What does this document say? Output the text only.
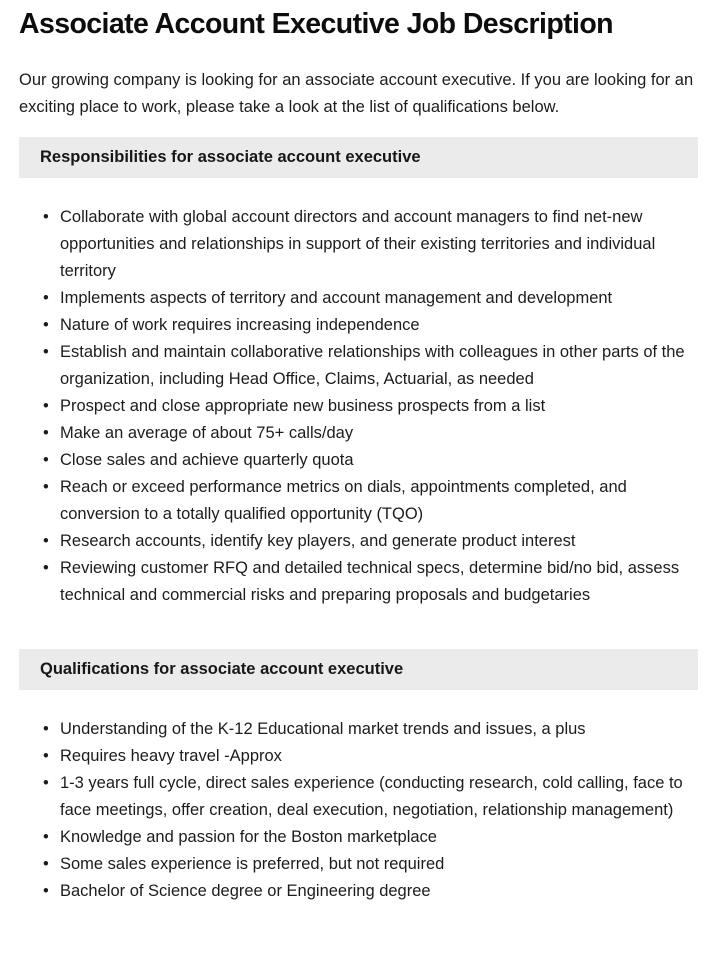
Associate Account Executive Job Description

Our growing company is looking for an associate account executive. If you are looking for an exciting place to work, please take a look at the list of qualifications below.

Responsibilities for associate account executive
• Collaborate with global account directors and account managers to find net-new opportunities and relationships in support of their existing territories and individual territory
• Implements aspects of territory and account management and development
• Nature of work requires increasing independence
• Establish and maintain collaborative relationships with colleagues in other parts of the organization, including Head Office, Claims, Actuarial, as needed
• Prospect and close appropriate new business prospects from a list
• Make an average of about 75+ calls/day
• Close sales and achieve quarterly quota
• Reach or exceed performance metrics on dials, appointments completed, and conversion to a totally qualified opportunity (TQO)
• Research accounts, identify key players, and generate product interest
• Reviewing customer RFQ and detailed technical specs, determine bid/no bid, assess technical and commercial risks and preparing proposals and budgetaries
Qualifications for associate account executive
• Understanding of the K-12 Educational market trends and issues, a plus
• Requires heavy travel -Approx
• 1-3 years full cycle, direct sales experience (conducting research, cold calling, face to face meetings, offer creation, deal execution, negotiation, relationship management)
• Knowledge and passion for the Boston marketplace
• Some sales experience is preferred, but not required
• Bachelor of Science degree or Engineering degree
